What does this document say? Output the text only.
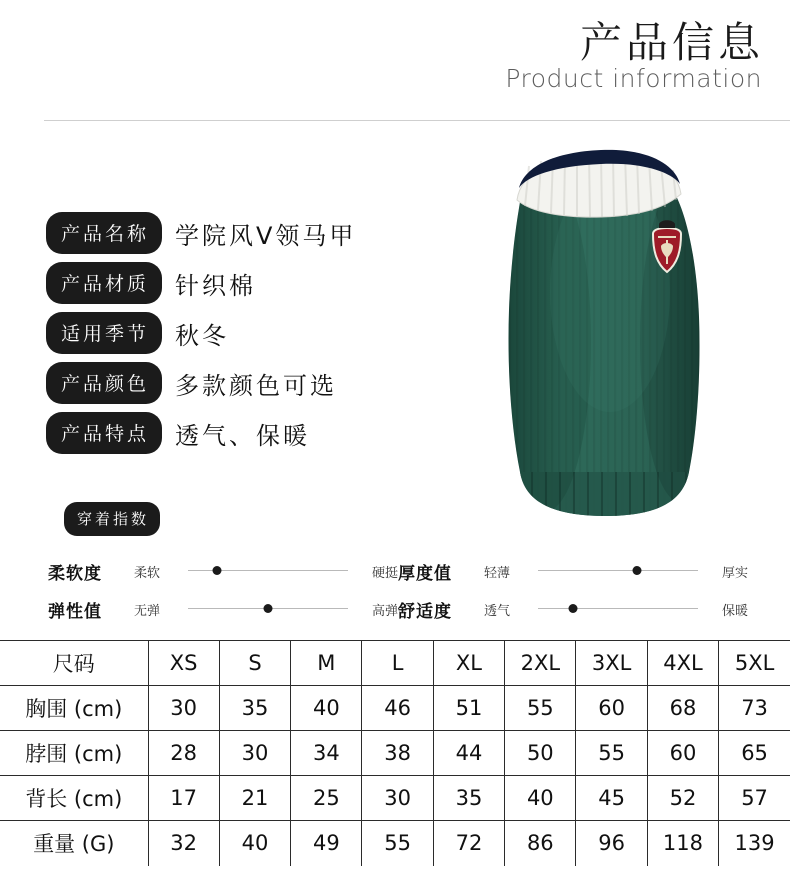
产品信息
Product information
产品名称	学院风V领马甲
产品材质	针织棉
适用季节	秋冬
产品颜色	多款颜色可选
产品特点	透气、保暖
穿着指数
柔软度	柔软	硬挺 厚度值	轻薄	厚实
弹性值	无弹	高弹 舒适度	透气	保暖
尺码	XS	S	M	L	XL	2XL	3XL	4XL	5XL
胸围 (cm)	30	35	40	46	51	55	60	68	73
脖围 (cm)	28	30	34	38	44	50	55	60	65
背长 (cm)	17	21	25	30	35	40	45	52	57
重量 (G)	32	40	49	55	72	86	96	118	139
